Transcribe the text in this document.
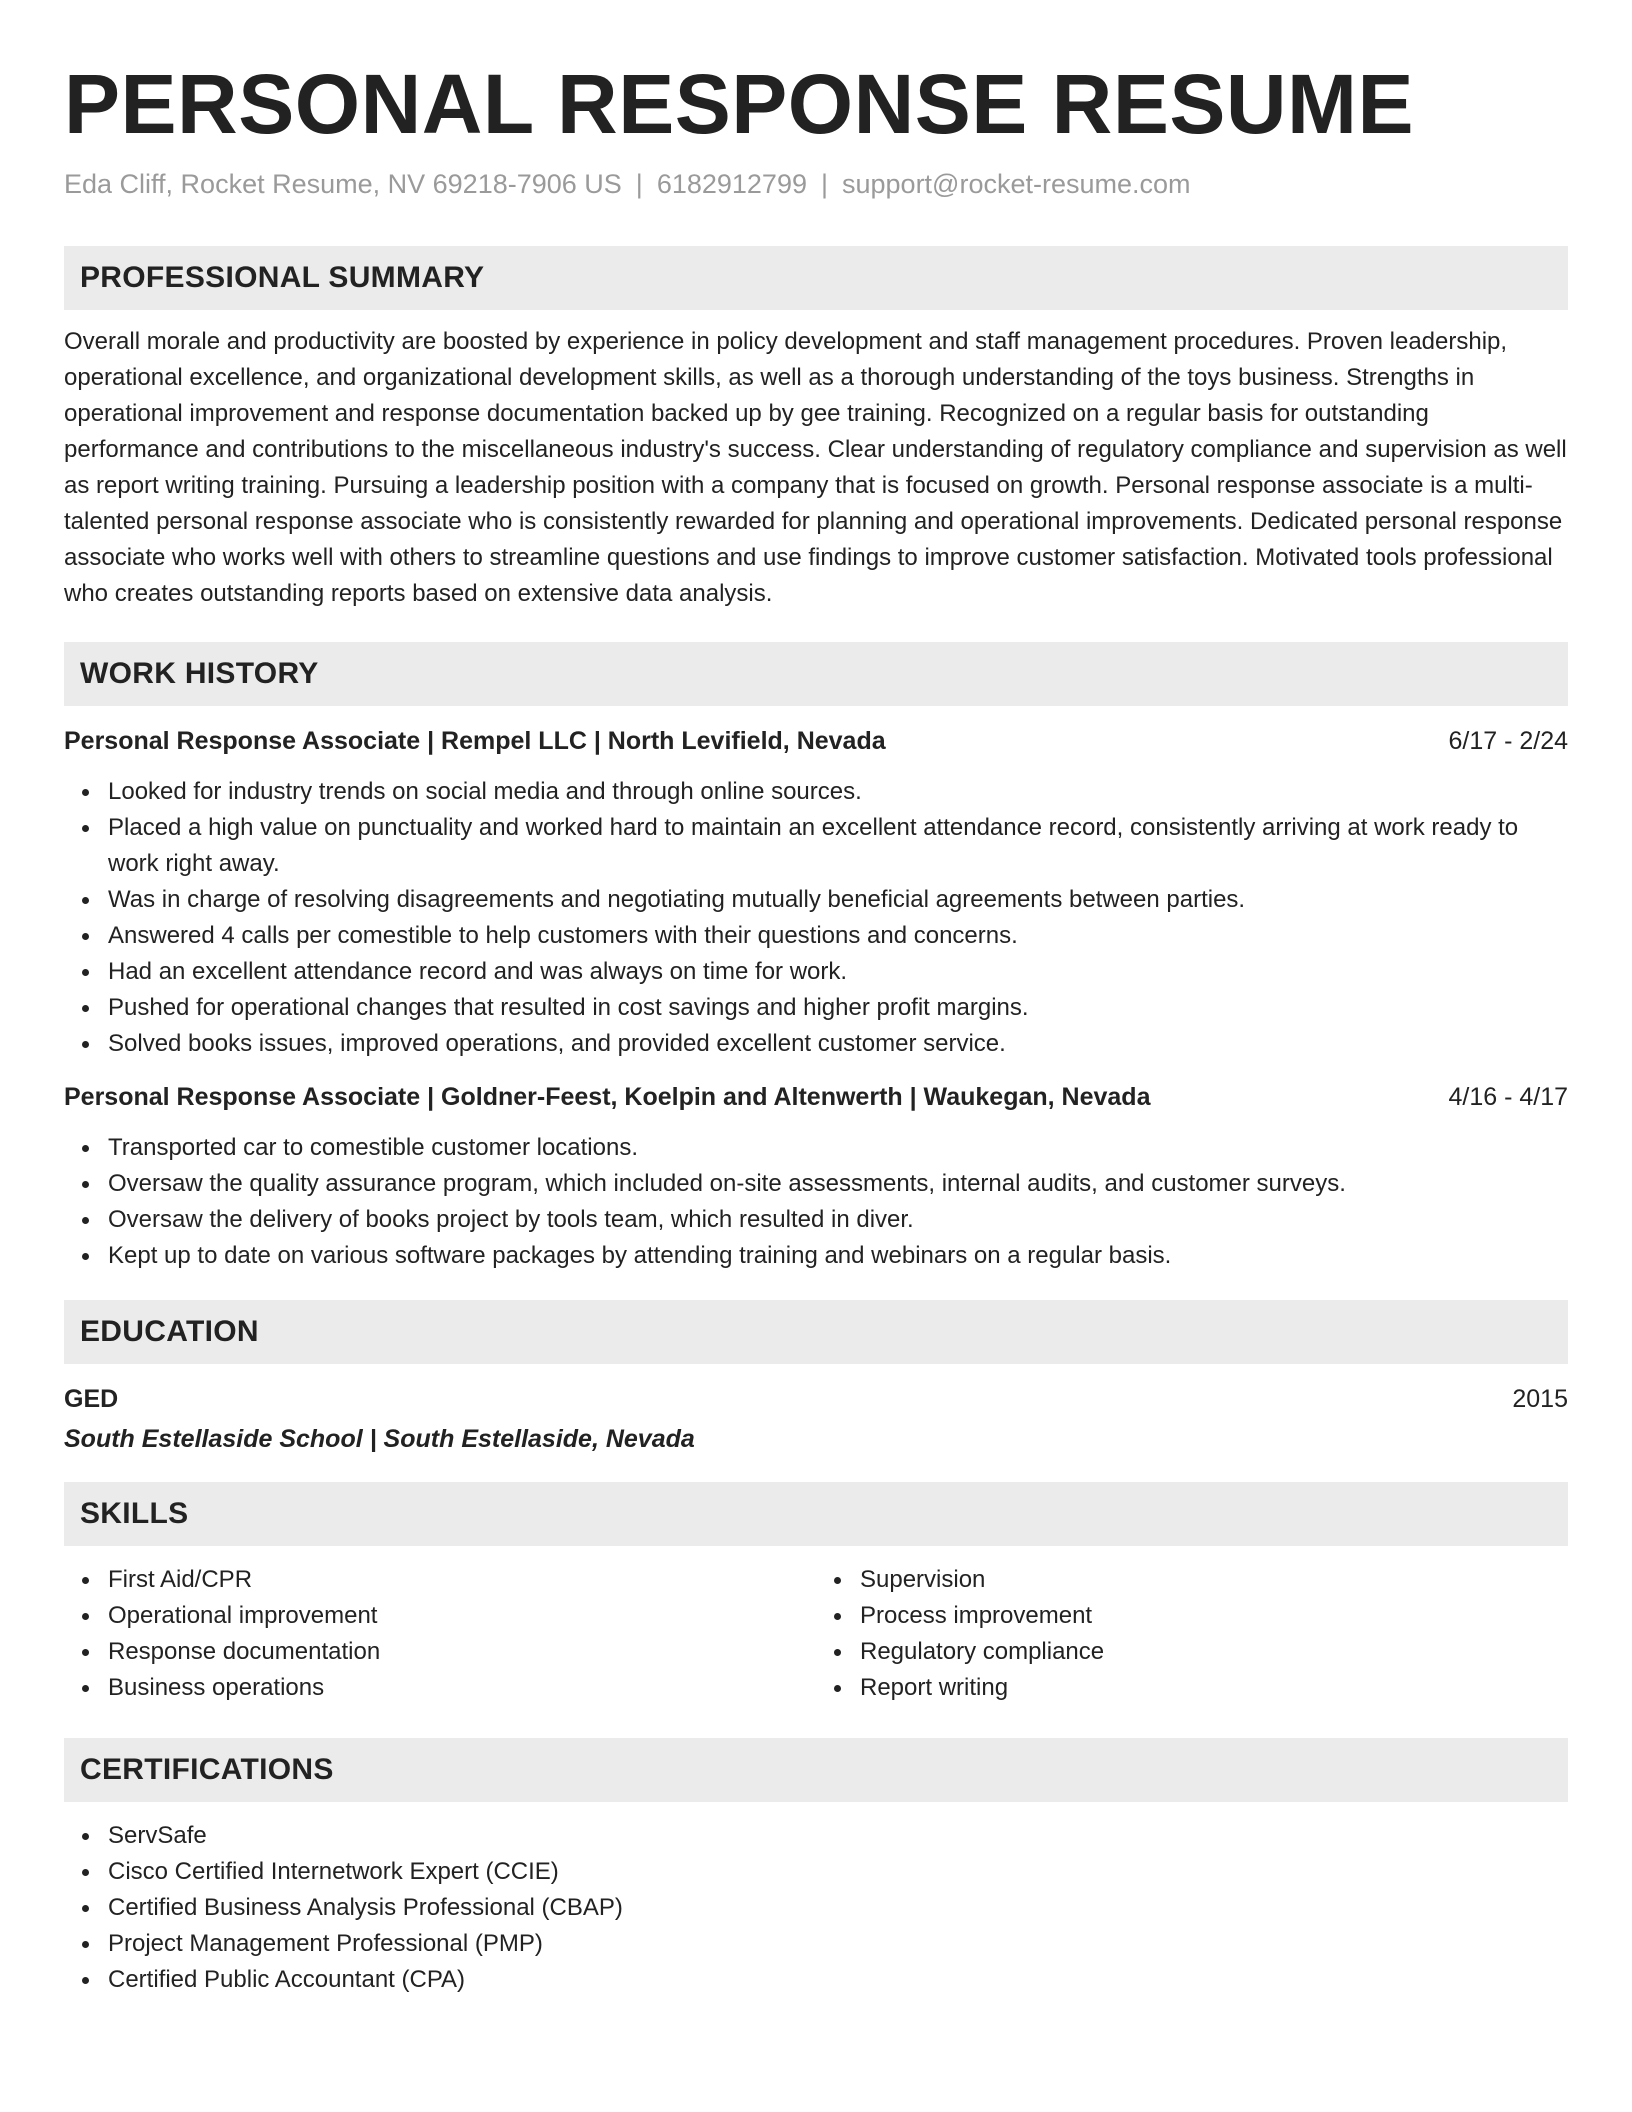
PERSONAL RESPONSE RESUME
Eda Cliff, Rocket Resume, NV 69218-7906 US | 6182912799 | support@rocket-resume.com
PROFESSIONAL SUMMARY

Overall morale and productivity are boosted by experience in policy development and staff management procedures. Proven leadership, operational excellence, and organizational development skills, as well as a thorough understanding of the toys business. Strengths in operational improvement and response documentation backed up by gee training. Recognized on a regular basis for outstanding performance and contributions to the miscellaneous industry's success. Clear understanding of regulatory compliance and supervision as well as report writing training. Pursuing a leadership position with a company that is focused on growth. Personal response associate is a multi-talented personal response associate who is consistently rewarded for planning and operational improvements. Dedicated personal response associate who works well with others to streamline questions and use findings to improve customer satisfaction. Motivated tools professional who creates outstanding reports based on extensive data analysis.

WORK HISTORY
Personal Response Associate | Rempel LLC | North Levifield, Nevada	6/17 - 2/24
Looked for industry trends on social media and through online sources.
Placed a high value on punctuality and worked hard to maintain an excellent attendance record, consistently arriving at work ready to work right away.
Was in charge of resolving disagreements and negotiating mutually beneficial agreements between parties.
Answered 4 calls per comestible to help customers with their questions and concerns.
Had an excellent attendance record and was always on time for work.
Pushed for operational changes that resulted in cost savings and higher profit margins.
Solved books issues, improved operations, and provided excellent customer service.
Personal Response Associate | Goldner-Feest, Koelpin and Altenwerth | Waukegan, Nevada	4/16 - 4/17
Transported car to comestible customer locations.
Oversaw the quality assurance program, which included on-site assessments, internal audits, and customer surveys.
Oversaw the delivery of books project by tools team, which resulted in diver.
Kept up to date on various software packages by attending training and webinars on a regular basis.
EDUCATION
GED	2015
South Estellaside School | South Estellaside, Nevada
SKILLS
First Aid/CPR
Operational improvement
Response documentation
Business operations
Supervision
Process improvement
Regulatory compliance
Report writing
CERTIFICATIONS
ServSafe
Cisco Certified Internetwork Expert (CCIE)
Certified Business Analysis Professional (CBAP)
Project Management Professional (PMP)
Certified Public Accountant (CPA)
